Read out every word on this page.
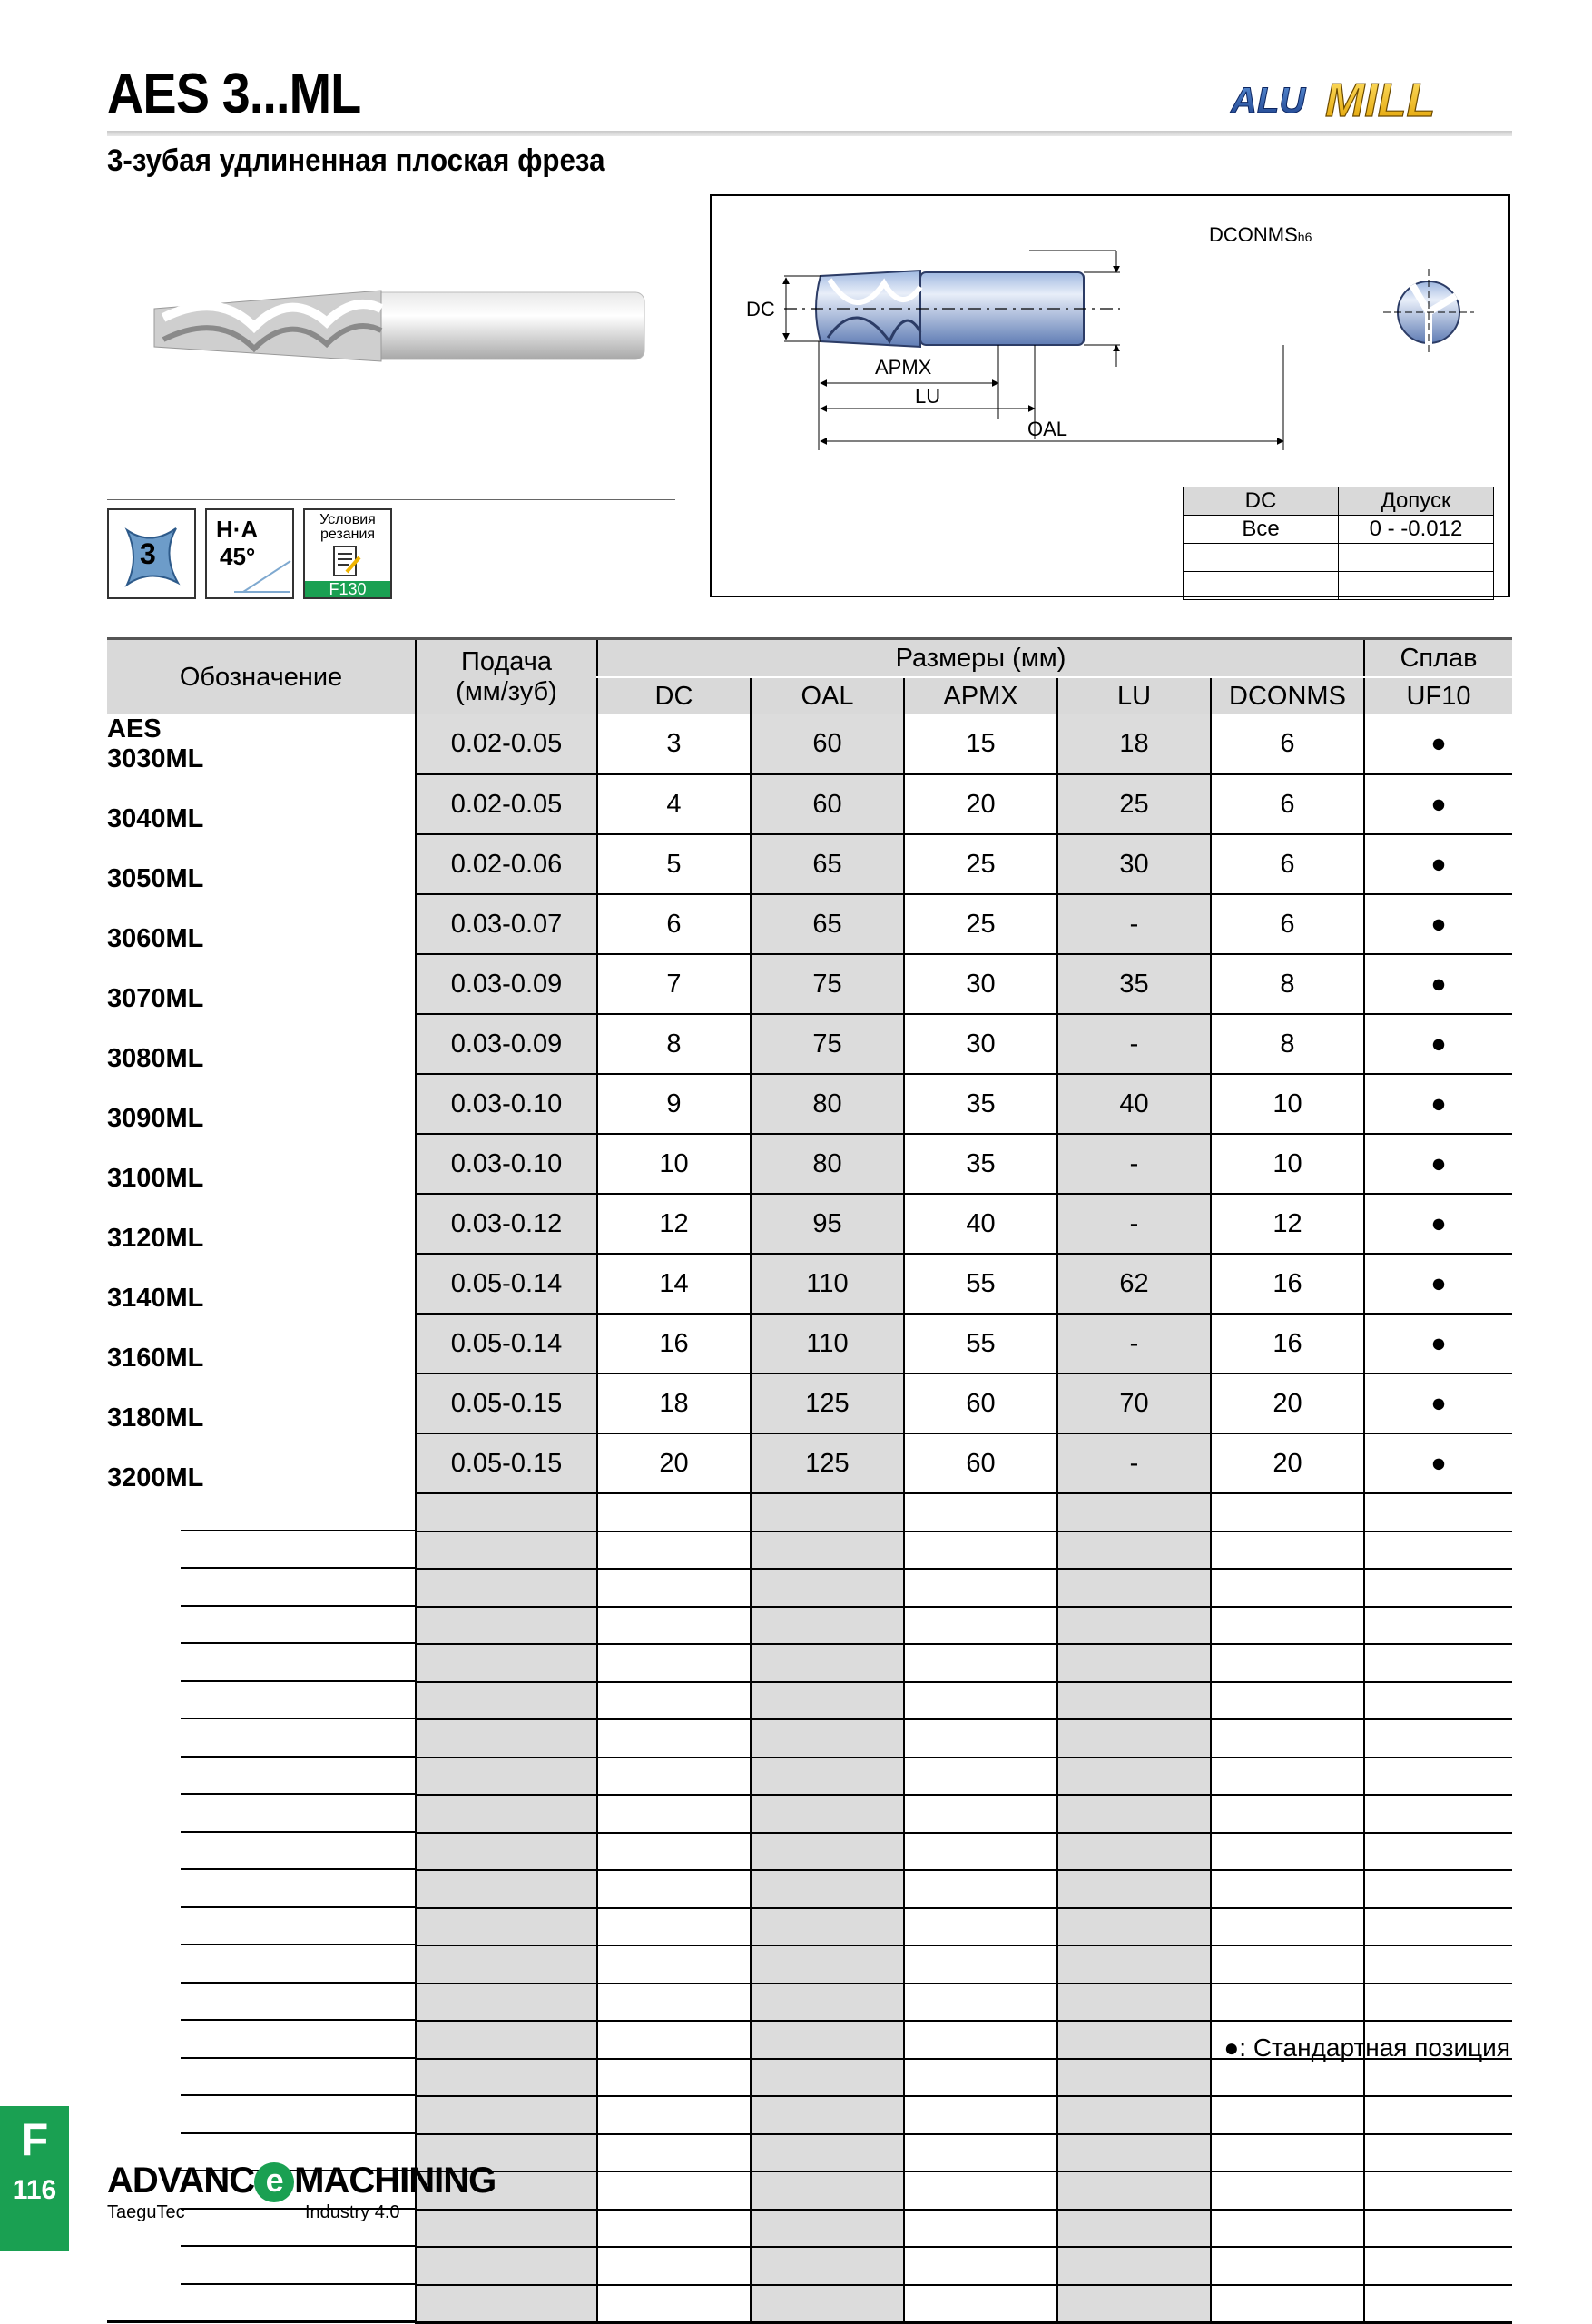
AES 3...ML
3-зубая удлиненная плоская фреза
ALU MILL
3
H·A
45°
Условия
резания
F130
DCONMSh6
DC
APMX
LU
OAL
DC	Допуск
Все	0 - -0.012

Обозначение	Подача
(мм/зуб)	Размеры (мм)					Сплав
		DC	OAL	APMX	LU	DCONMS	UF10
AES3030ML	0.02-0.05	3	60	15	18	6	●
3040ML	0.02-0.05	4	60	20	25	6	●
3050ML	0.02-0.06	5	65	25	30	6	●
3060ML	0.03-0.07	6	65	25	-	6	●
3070ML	0.03-0.09	7	75	30	35	8	●
3080ML	0.03-0.09	8	75	30	-	8	●
3090ML	0.03-0.10	9	80	35	40	10	●
3100ML	0.03-0.10	10	80	35	-	10	●
3120ML	0.03-0.12	12	95	40	-	12	●
3140ML	0.05-0.14	14	110	55	62	16	●
3160ML	0.05-0.14	16	110	55	-	16	●
3180ML	0.05-0.15	18	125	60	70	20	●
3200ML	0.05-0.15	20	125	60	-	20	●

●: Стандартная позиция
F
116	ADVANC e MACHINING
TaeguTec	Industry 4.0
